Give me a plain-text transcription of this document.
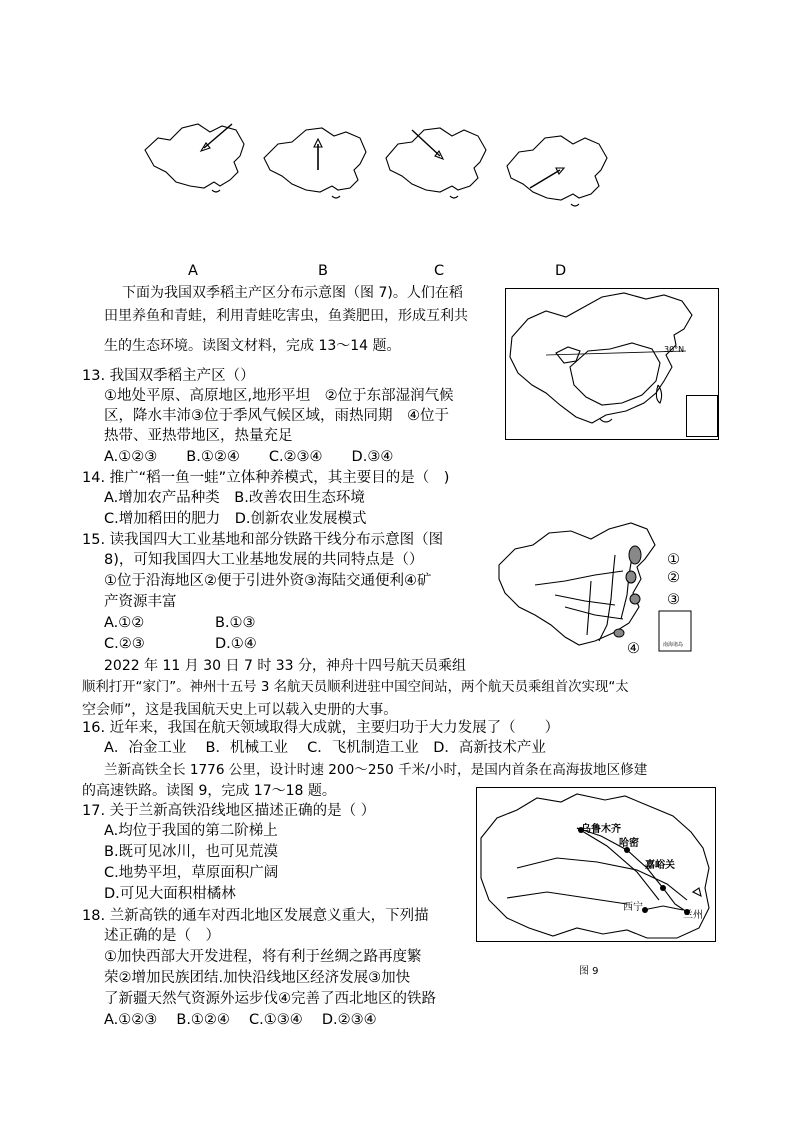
A	B	C	D
下面为我国双季稻主产区分布示意图（图 7)。人们在稻
田里养鱼和青蛙，利用青蛙吃害虫，鱼粪肥田，形成互利共
生的生态环境。读图文材料，完成 13～14 题。	30°N
13. 我国双季稻主产区（）
①地处平原、高原地区,地形平坦　②位于东部湿润气候
区，降水丰沛③位于季风气候区域，雨热同期　④位于
热带、亚热带地区，热量充足
A.①②③　　B.①②④　　C.②③④　　D.③④
14. 推广“稻一鱼一蛙”立体种养模式，其主要目的是（　)
A.增加农产品种类　B.改善农田生态环境
C.增加稻田的肥力　D.创新农业发展模式
15. 读我国四大工业基地和部分铁路干线分布示意图（图
8)，可知我国四大工业基地发展的共同特点是（）
①位于沿海地区②便于引进外资③海陆交通便利④矿
产资源丰富
A.①②	B.①③
C.②③	D.①④
①
②
③
④	南海诸岛
2022 年 11 月 30 日 7 时 33 分，神舟十四号航天员乘组
顺利打开“家门”。神州十五号 3 名航天员顺利进驻中国空间站，两个航天员乘组首次实现“太
空会师”，这是我国航天史上可以载入史册的大事。
16. 近年来，我国在航天领域取得大成就，主要归功于大力发展了（　　）
A．冶金工业　 B．机械工业　 C．飞机制造工业　D．高新技术产业
兰新高铁全长 1776 公里，设计时速 200～250 千米/小时，是国内首条在高海拔地区修建
的高速铁路。读图 9，完成 17～18 题。
17. 关于兰新高铁沿线地区描述正确的是（ ）
A.均位于我国的第二阶梯上
B.既可见冰川，也可见荒漠
C.地势平坦，草原面积广阔
D.可见大面积柑橘林
18. 兰新高铁的通车对西北地区发展意义重大，下列描
述正确的是（　）
①加快西部大开发进程，将有利于丝绸之路再度繁
荣②增加民族团结.加快沿线地区经济发展③加快
了新疆天然气资源外运步伐④完善了西北地区的铁路
A.①②③　 B.①②④　 C.①③④　 D.②③④
乌鲁木齐
哈密
嘉峪关
西宁
兰州
图 9
